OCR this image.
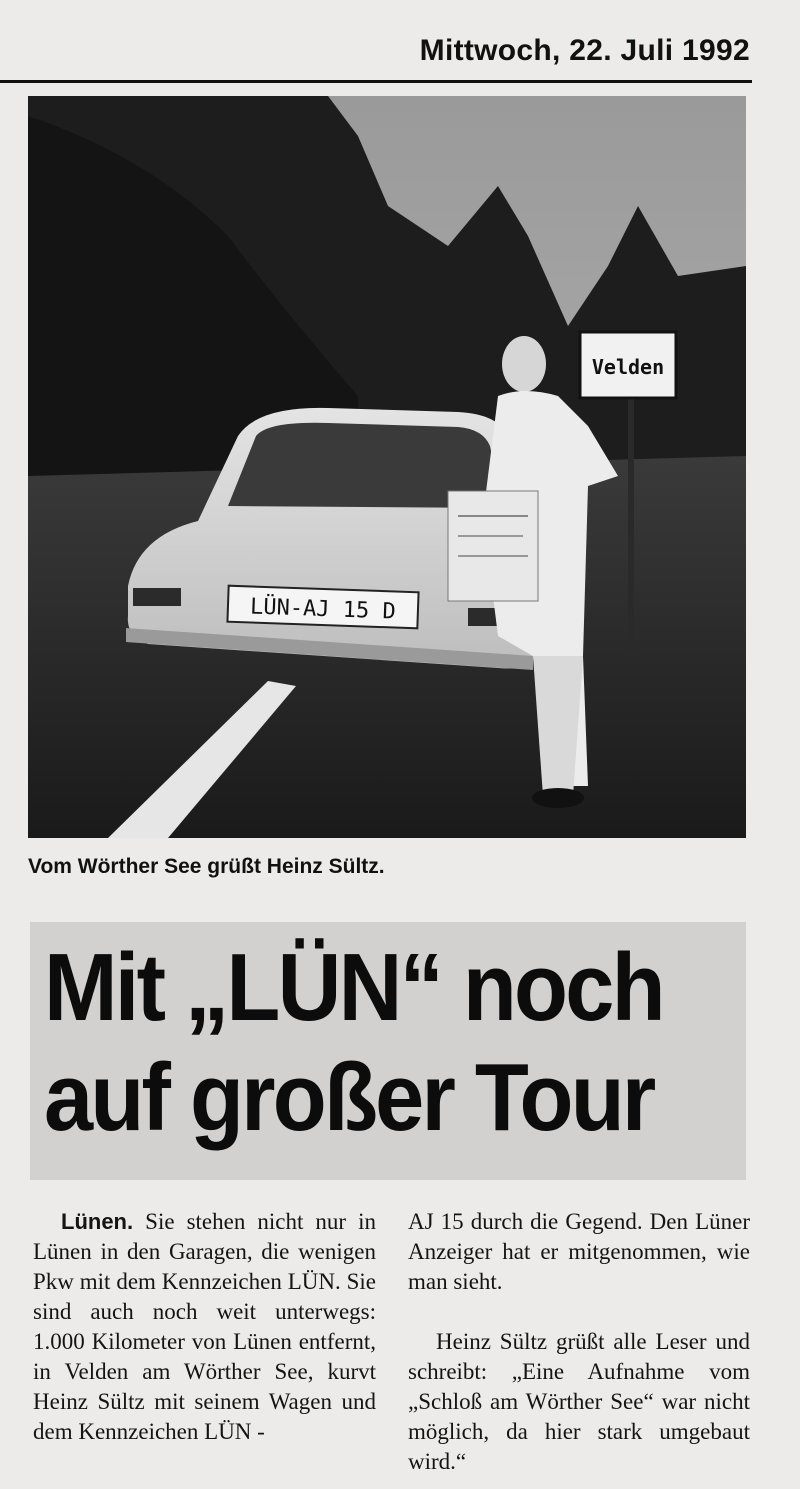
Mittwoch, 22. Juli 1992
Velden
LÜN-AJ 15 D
Vom Wörther See grüßt Heinz Sültz.
Mit „LÜN“ noch
auf großer Tour

Lünen. Sie stehen nicht nur in Lünen in den Garagen, die wenigen Pkw mit dem Kennzeichen LÜN. Sie sind auch noch weit unterwegs: 1.000 Kilometer von Lünen entfernt, in Velden am Wörther See, kurvt Heinz Sültz mit seinem Wagen und dem Kennzeichen LÜN -

AJ 15 durch die Gegend. Den Lüner Anzeiger hat er mitgenommen, wie man sieht.

Heinz Sültz grüßt alle Leser und schreibt: „Eine Aufnahme vom „Schloß am Wörther See“ war nicht möglich, da hier stark umgebaut wird.“
